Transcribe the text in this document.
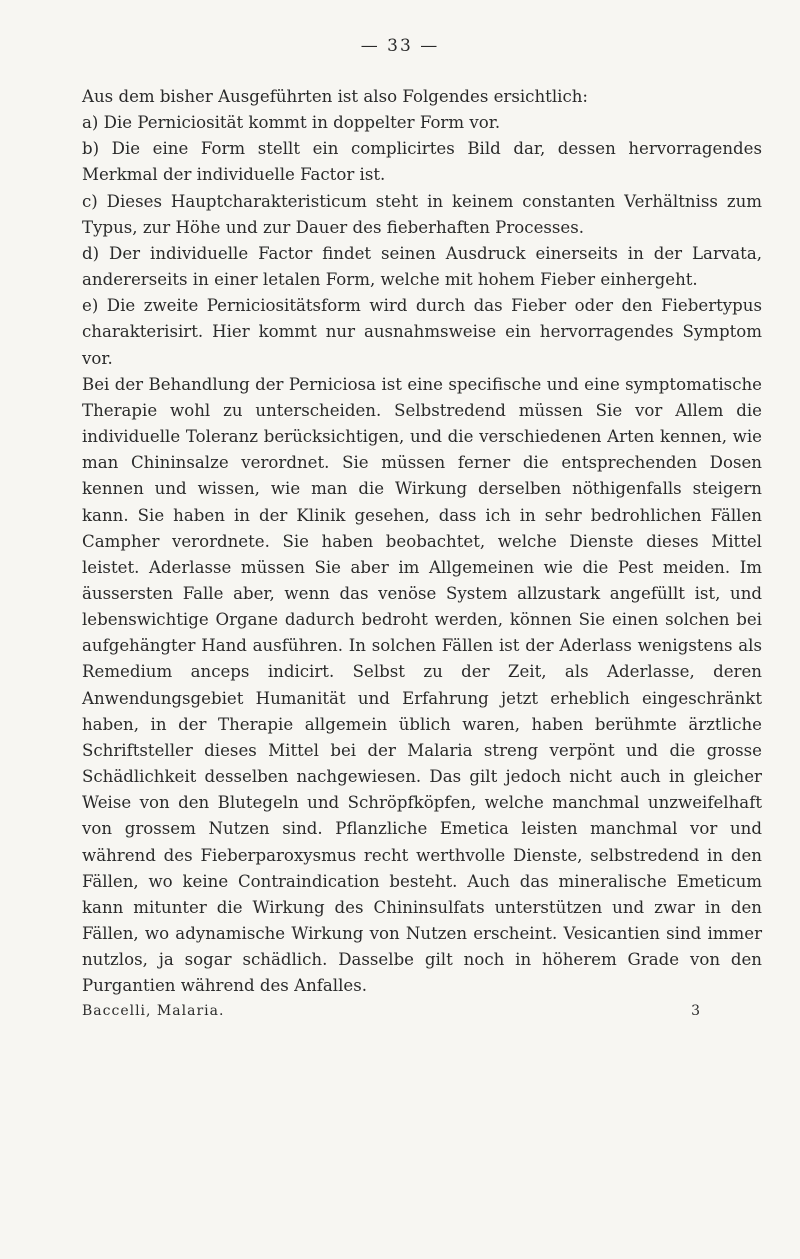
— 33 —

Aus dem bisher Ausgeführten ist also Folgendes ersichtlich:

a) Die Perniciosität kommt in doppelter Form vor.

b) Die eine Form stellt ein complicirtes Bild dar, dessen hervorragendes Merkmal der individuelle Factor ist.

c) Dieses Hauptcharakteristicum steht in keinem constanten Verhältniss zum Typus, zur Höhe und zur Dauer des fieberhaften Processes.

d) Der individuelle Factor findet seinen Ausdruck einerseits in der Larvata, andererseits in einer letalen Form, welche mit hohem Fieber einhergeht.

e) Die zweite Perniciositätsform wird durch das Fieber oder den Fiebertypus charakterisirt. Hier kommt nur ausnahmsweise ein hervorragendes Symptom vor.

Bei der Behandlung der Perniciosa ist eine specifische und eine symptomatische Therapie wohl zu unterscheiden. Selbstredend müssen Sie vor Allem die individuelle Toleranz berücksichtigen, und die verschiedenen Arten kennen, wie man Chininsalze verordnet. Sie müssen ferner die entsprechenden Dosen kennen und wissen, wie man die Wirkung derselben nöthigenfalls steigern kann. Sie haben in der Klinik gesehen, dass ich in sehr bedrohlichen Fällen Campher verordnete. Sie haben beobachtet, welche Dienste dieses Mittel leistet. Aderlasse müssen Sie aber im Allgemeinen wie die Pest meiden. Im äussersten Falle aber, wenn das venöse System allzustark angefüllt ist, und lebenswichtige Organe dadurch bedroht werden, können Sie einen solchen bei aufgehängter Hand ausführen. In solchen Fällen ist der Aderlass wenigstens als Remedium anceps indicirt. Selbst zu der Zeit, als Aderlasse, deren Anwendungsgebiet Humanität und Erfahrung jetzt erheblich eingeschränkt haben, in der Therapie allgemein üblich waren, haben berühmte ärztliche Schriftsteller dieses Mittel bei der Malaria streng verpönt und die grosse Schädlichkeit desselben nachgewiesen. Das gilt jedoch nicht auch in gleicher Weise von den Blutegeln und Schröpfköpfen, welche manchmal unzweifelhaft von grossem Nutzen sind. Pflanzliche Emetica leisten manchmal vor und während des Fieberparoxysmus recht werthvolle Dienste, selbstredend in den Fällen, wo keine Contraindication besteht. Auch das mineralische Emeticum kann mitunter die Wirkung des Chininsulfats unterstützen und zwar in den Fällen, wo adynamische Wirkung von Nutzen erscheint. Vesicantien sind immer nutzlos, ja sogar schädlich. Dasselbe gilt noch in höherem Grade von den Purgantien während des Anfalles.

Baccelli, Malaria.	3
